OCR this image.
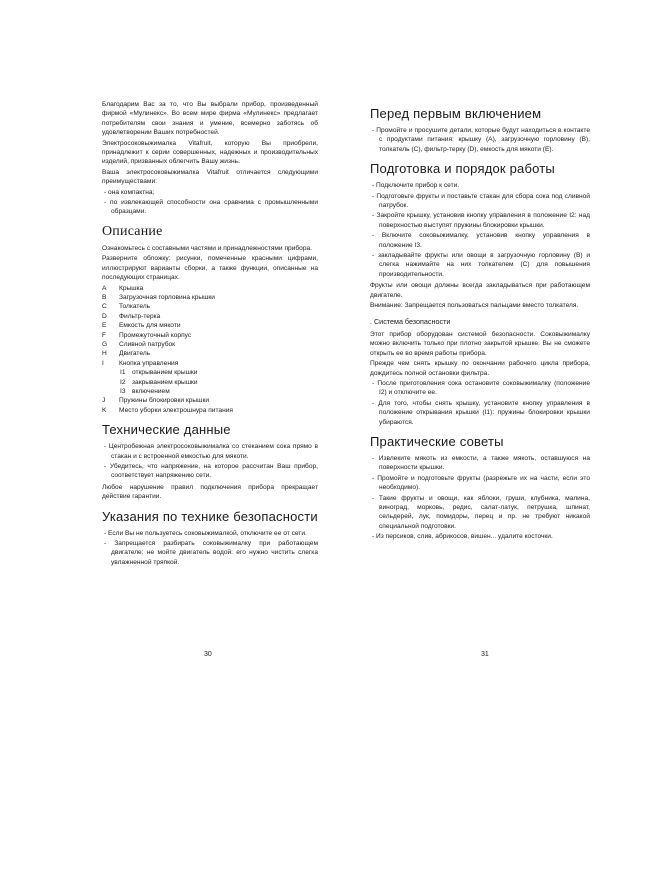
Благодарим Вас за то, что Вы выбрали прибор, произведенный фирмой «Мулинекс». Во всем мире фирма «Мулинекс» предлагает потребителям свои знания и умение, всемерно заботясь об удовлетворении Ваших потребностей.

Электросоковыжималка Vitafruit, которую Вы приобрели, принадлежит к серии совершенных, надежных и производительных изделий, призванных облегчить Вашу жизнь.

Ваша электросоковыжималка Vitafruit отличается следующими преимуществами:

- она компактна;
- по извлекающей способности она сравнима с промышленными образцами.
Описание

Ознакомьтесь с составными частями и принадлежностями прибора.

Разверните обложку: рисунки, помеченные красными цифрами, иллюстрируют варианты сборки, а также функции, описанные на последующих страницах.

A	Крышка
B	Загрузочная горловина крышки
C	Толкатель
D	Фильтр-терка
E	Емкость для мякоти
F	Промежуточный корпус
G	Сливной патрубок
H	Двигатель
I	Кнопка управления
I1 открыванием крышки
I2 закрыванием крышки
I3 включением
J	Пружины блокировки крышки
K	Место уборки электрошнура питания
Технические данные
- Центробежная электросоковыжималка со стеканием сока прямо в стакан и с встроенной емкостью для мякоти.
- Убедитесь, что напряжение, на которое рассчитан Ваш прибор, соответствует напряжению сети.

Любое нарушение правил подключения прибора прекращает действие гарантии.

Указания по технике безопасности
- Если Вы не пользуетесь соковыжималкой, отключите ее от сети.
- Запрещается разбирать соковыжималку при работающем двигателе; не мойте двигатель водой: его нужно чистить слегка увлажненной тряпкой.
30
Перед первым включением
- Промойте и просушите детали, которые будут находиться в контакте с продуктами питания: крышку (A), загрузочную горловину (B), толкатель (C), фильтр-терку (D), емкость для мякоти (E).
Подготовка и порядок работы
- Подключите прибор к сети.
- Подготовьте фрукты и поставьте стакан для сбора сока под сливной патрубок.
- Закройте крышку, установив кнопку управления в положение I2: над поверхностью выступят пружины блокировки крышки.
- Включите соковыжималку, установив кнопку управления в положение I3.
- закладывайте фрукты или овощи в загрузочную горловину (B) и слегка нажимайте на них толкателем (C) для повышения производительности.

Фрукты или овощи должны всегда закладываться при работающем двигателе.

Внимание: Запрещается пользоваться пальцами вместо толкателя.

. Система безопасности

Этот прибор оборудован системой безопасности. Соковыжималку можно включить только при плотно закрытой крышке. Вы не сможете открыть ее во время работы прибора.

Прежде чем снять крышку по окончании рабочего цикла прибора, дождитесь полной остановки фильтра.

- После приготовления сока остановите соковыжималку (положение I2) и отключите ее.
- Для того, чтобы снять крышку, установите кнопку управления в положение открывания крышки (I1): пружины блокировки крышки убираются.
Практические советы
- Извлеките мякоть из емкости, а также мякоть, оставшуюся на поверхности крышки.
- Промойте и подготовьте фрукты (разрежьте их на части, если это необходимо).
- Такие фрукты и овощи, как яблоки, груши, клубника, малина, виноград, морковь, редис, салат-латук, петрушка, шпинат, сельдерей, лук, помидоры, перец и пр. не требуют никакой специальной подготовки.
- Из персиков, слив, абрикосов, вишен... удалите косточки.
31
